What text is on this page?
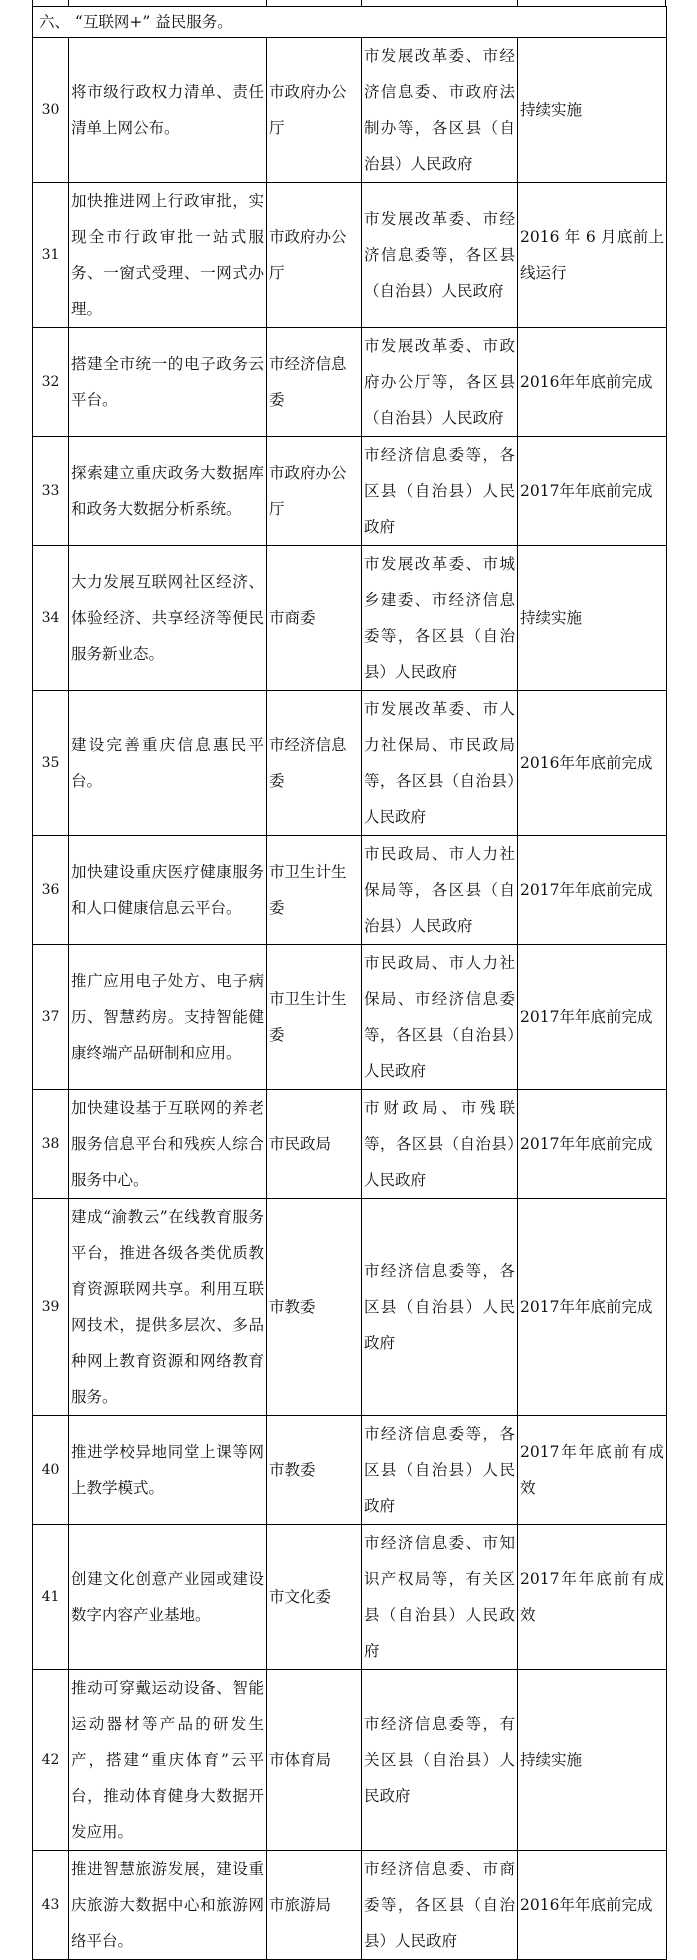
六、 “互联网+” 益民服务。				
30	将市级行政权力清单、责任清单上网公布。	市政府办公厅	市发展改革委、市经济信息委、市政府法制办等，各区县（自治县）人民政府	持续实施
31	加快推进网上行政审批，实现全市行政审批一站式服务、一窗式受理、一网式办理。	市政府办公厅	市发展改革委、市经济信息委等，各区县（自治县）人民政府	2016 年 6 月底前上线运行
32	搭建全市统一的电子政务云平台。	市经济信息委	市发展改革委、市政府办公厅等，各区县（自治县）人民政府	2016年年底前完成
33	探索建立重庆政务大数据库和政务大数据分析系统。	市政府办公厅	市经济信息委等，各区县（自治县）人民政府	2017年年底前完成
34	大力发展互联网社区经济、体验经济、共享经济等便民服务新业态。	市商委	市发展改革委、市城乡建委、市经济信息委等，各区县（自治县）人民政府	持续实施
35	建设完善重庆信息惠民平台。	市经济信息委	市发展改革委、市人力社保局、市民政局等，各区县（自治县）人民政府	2016年年底前完成
36	加快建设重庆医疗健康服务和人口健康信息云平台。	市卫生计生委	市民政局、市人力社保局等，各区县（自治县）人民政府	2017年年底前完成
37	推广应用电子处方、电子病历、智慧药房。支持智能健康终端产品研制和应用。	市卫生计生委	市民政局、市人力社保局、市经济信息委等，各区县（自治县）人民政府	2017年年底前完成
38	加快建设基于互联网的养老服务信息平台和残疾人综合服务中心。	市民政局	市财政局、市残联等，各区县（自治县）人民政府	2017年年底前完成
39	建成“渝教云”在线教育服务平台，推进各级各类优质教育资源联网共享。利用互联网技术，提供多层次、多品种网上教育资源和网络教育服务。	市教委	市经济信息委等，各区县（自治县）人民政府	2017年年底前完成
40	推进学校异地同堂上课等网上教学模式。	市教委	市经济信息委等，各区县（自治县）人民政府	2017年年底前有成效
41	创建文化创意产业园或建设数字内容产业基地。	市文化委	市经济信息委、市知识产权局等，有关区县（自治县）人民政府	2017年年底前有成效
42	推动可穿戴运动设备、智能运动器材等产品的研发生产，搭建“重庆体育”云平台，推动体育健身大数据开发应用。	市体育局	市经济信息委等，有关区县（自治县）人民政府	持续实施
43	推进智慧旅游发展，建设重庆旅游大数据中心和旅游网络平台。	市旅游局	市经济信息委、市商委等，各区县（自治县）人民政府	2016年年底前完成
